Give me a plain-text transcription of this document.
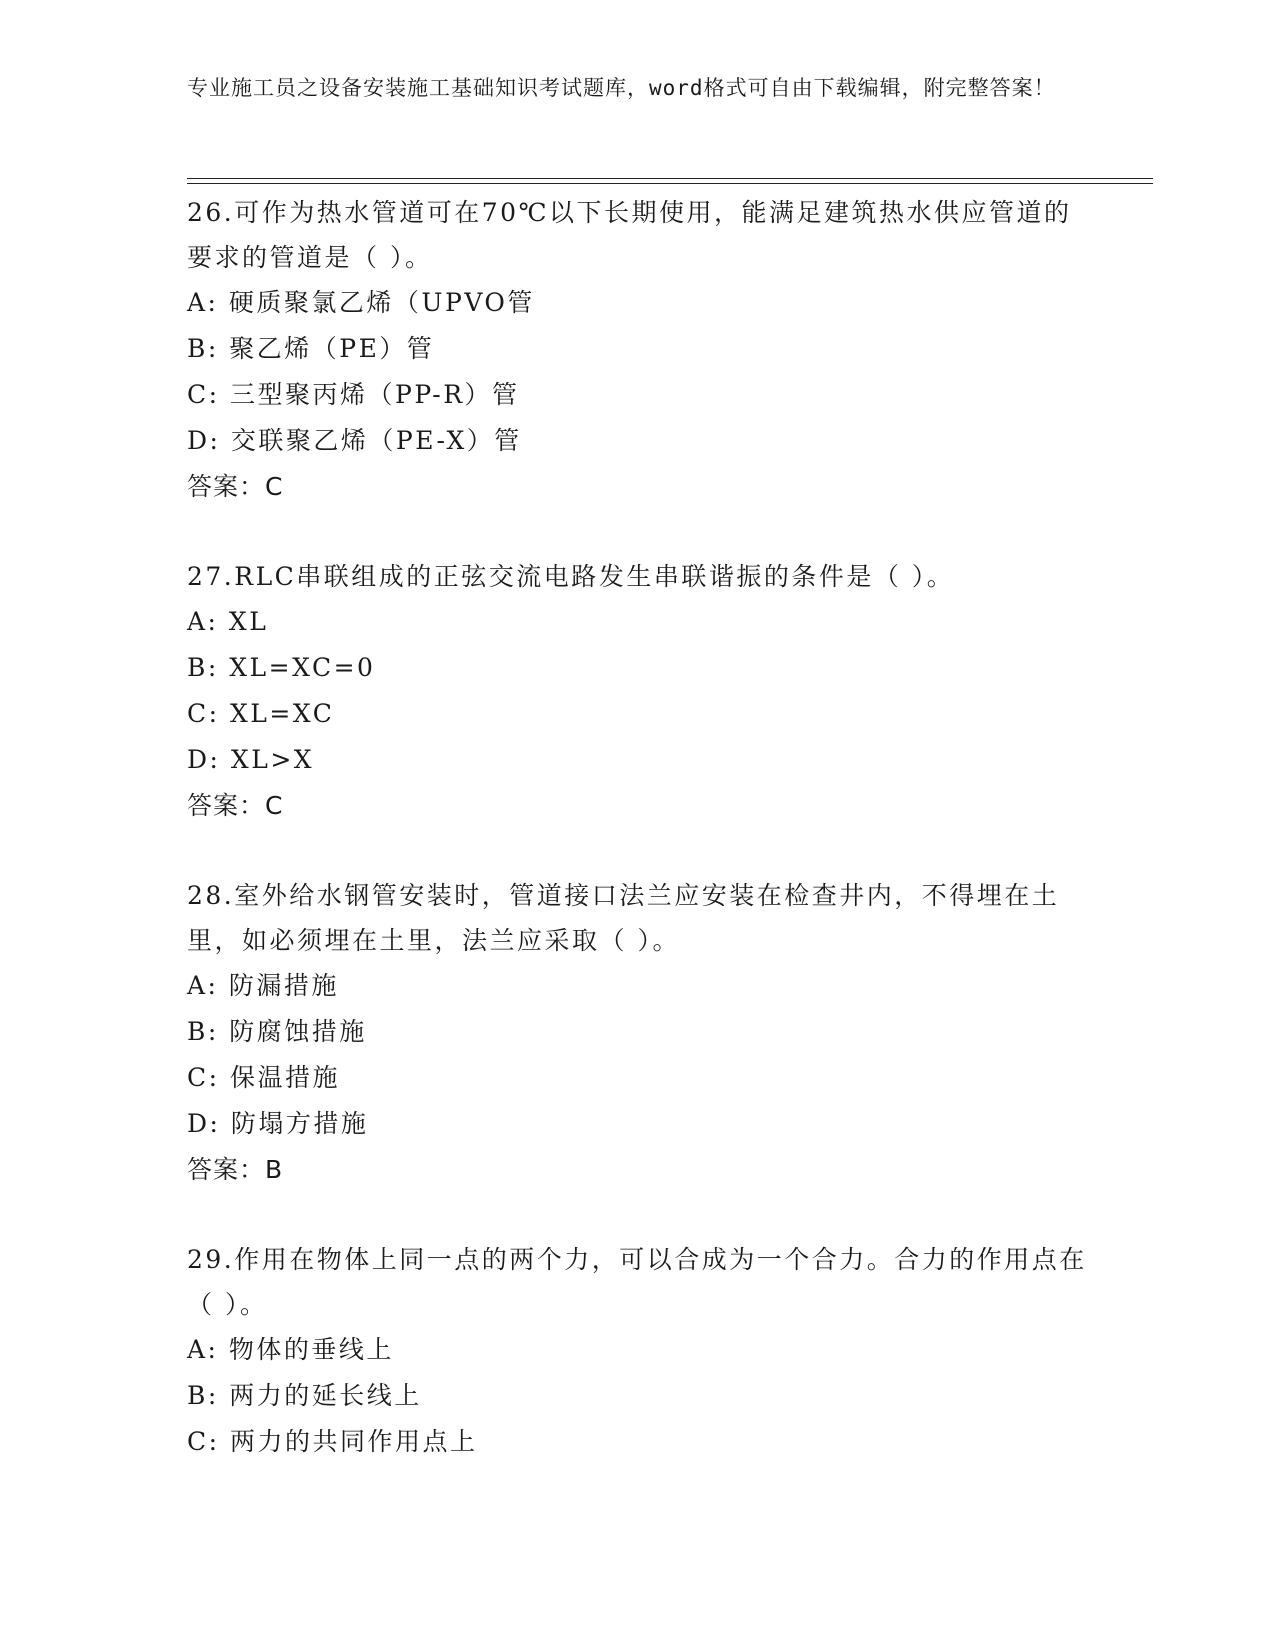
专业施工员之设备安装施工基础知识考试题库，word格式可自由下载编辑，附完整答案！

26.可作为热水管道可在70℃以下长期使用，能满足建筑热水供应管道的要求的管道是（ ）。

A: 硬质聚氯乙烯（UPVO管

B: 聚乙烯（PE）管

C: 三型聚丙烯（PP-R）管

D: 交联聚乙烯（PE-X）管

答案：C

27.RLC串联组成的正弦交流电路发生串联谐振的条件是（ ）。

A: XL

B: XL=XC=0

C: XL=XC

D: XL>X

答案：C

28.室外给水钢管安装时，管道接口法兰应安装在检查井内，不得埋在土里，如必须埋在土里，法兰应采取（ ）。

A: 防漏措施

B: 防腐蚀措施

C: 保温措施

D: 防塌方措施

答案：B

29.作用在物体上同一点的两个力，可以合成为一个合力。合力的作用点在（ ）。

A: 物体的垂线上

B: 两力的延长线上

C: 两力的共同作用点上
